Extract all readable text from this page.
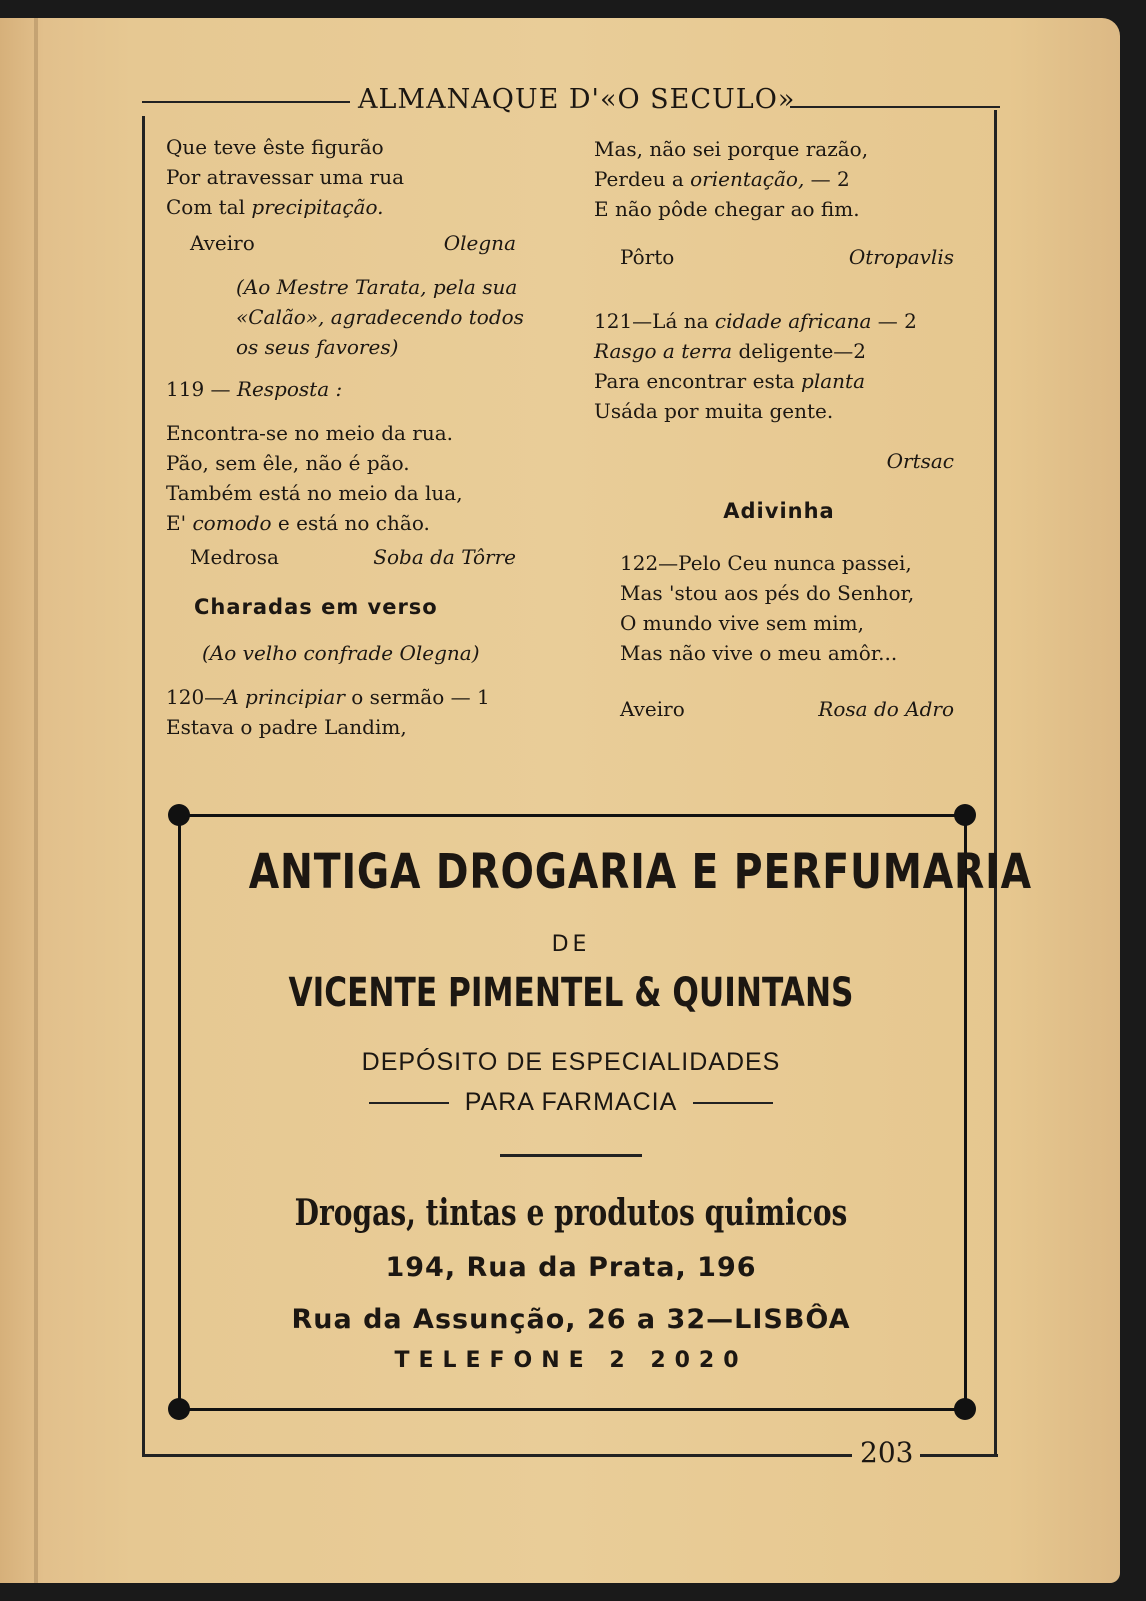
ALMANAQUE D'«O SECULO»
Que teve êste figurão
Por atravessar uma rua
Com tal precipitação.
Aveiro	Olegna
(Ao Mestre Tarata, pela sua
«Calão», agradecendo todos
os seus favores)
119 — Resposta :
Encontra-se no meio da rua.
Pão, sem êle, não é pão.
Também está no meio da lua,
E' comodo e está no chão.
Medrosa	Soba da Tôrre
Charadas em verso
(Ao velho confrade Olegna)
120—A principiar o sermão — 1
Estava o padre Landim,
Mas, não sei porque razão,
Perdeu a orientação, — 2
E não pôde chegar ao fim.
Pôrto	Otropavlis
121—Lá na cidade africana — 2
Rasgo a terra deligente—2
Para encontrar esta planta
Usáda por muita gente.
Ortsac
Adivinha
122—Pelo Ceu nunca passei,
Mas 'stou aos pés do Senhor,
O mundo vive sem mim,
Mas não vive o meu amôr...
Aveiro	Rosa do Adro
ANTIGA DROGARIA E PERFUMARIA
DE
VICENTE PIMENTEL & QUINTANS
DEPÓSITO DE ESPECIALIDADES
PARA FARMACIA
Drogas, tintas e produtos quimicos
194, Rua da Prata, 196
Rua da Assunção, 26 a 32—LISBÔA
TELEFONE 2 2020
203
